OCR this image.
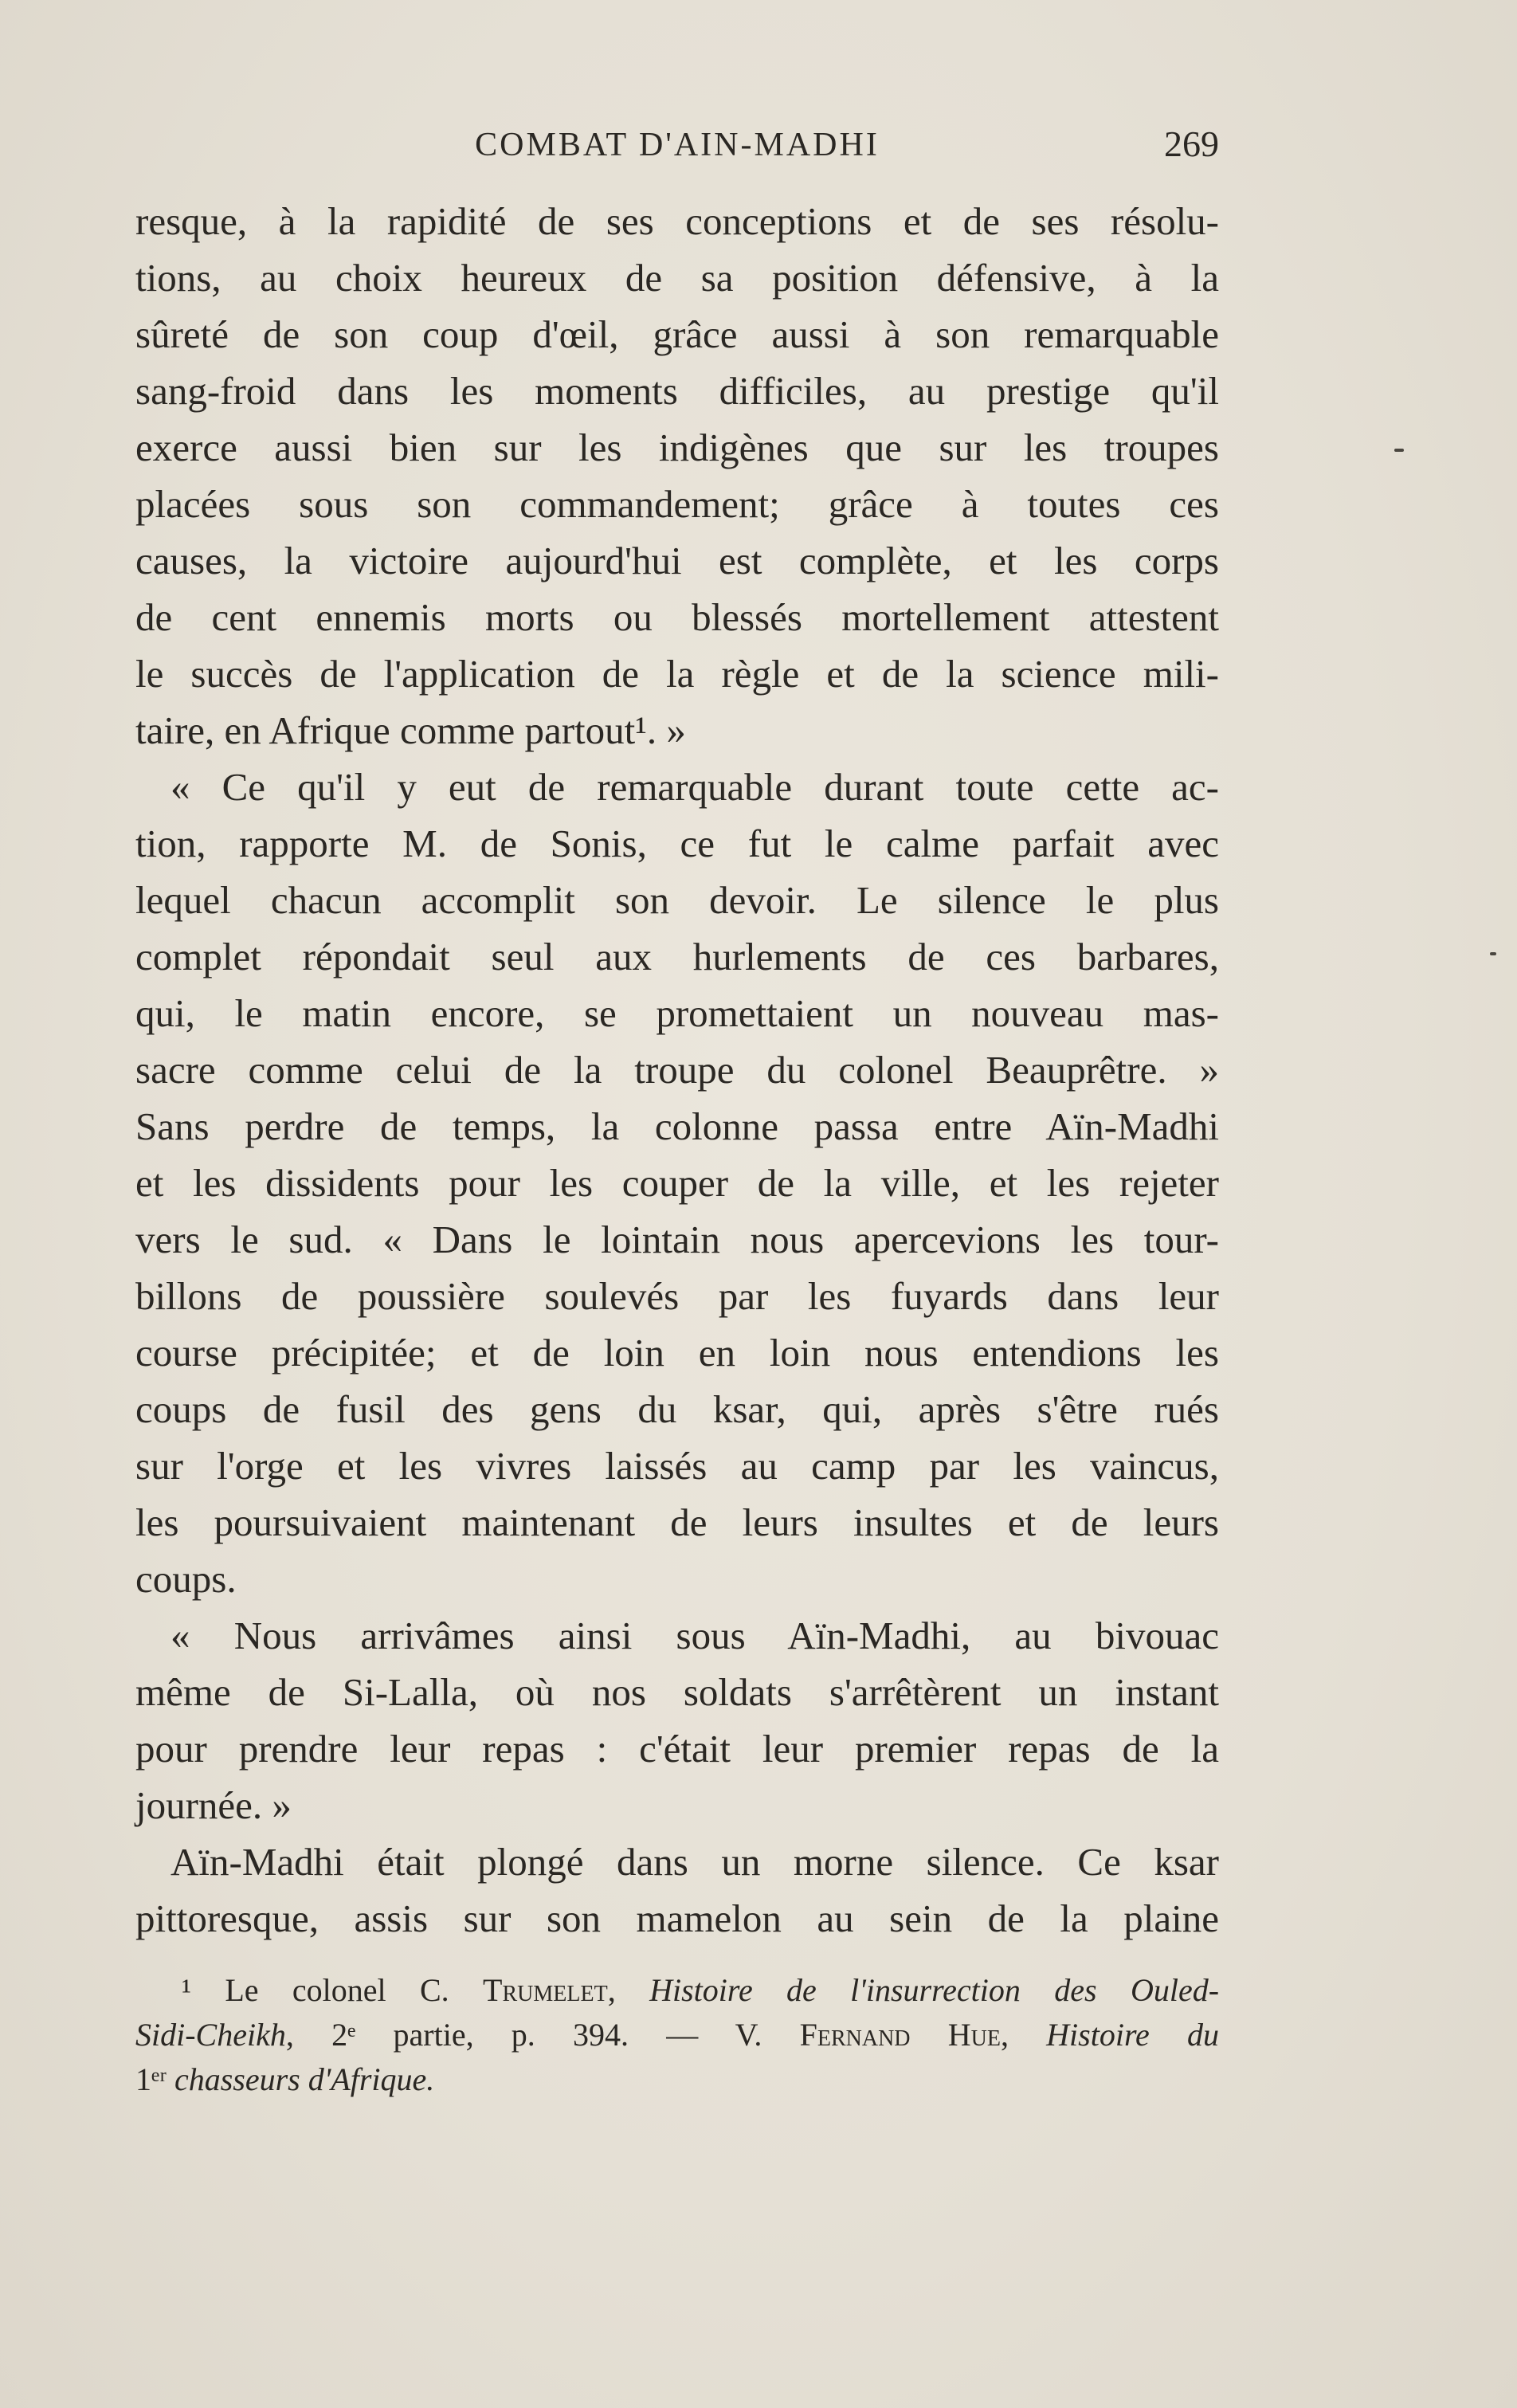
COMBAT D'AIN-MADHI	269
resque, à la rapidité de ses conceptions et de ses résolu-
tions, au choix heureux de sa position défensive, à la
sûreté de son coup d'œil, grâce aussi à son remarquable
sang-froid dans les moments difficiles, au prestige qu'il
exerce aussi bien sur les indigènes que sur les troupes
placées sous son commandement; grâce à toutes ces
causes, la victoire aujourd'hui est complète, et les corps
de cent ennemis morts ou blessés mortellement attestent
le succès de l'application de la règle et de la science mili-
taire, en Afrique comme partout¹. »
« Ce qu'il y eut de remarquable durant toute cette ac-
tion, rapporte M. de Sonis, ce fut le calme parfait avec
lequel chacun accomplit son devoir. Le silence le plus
complet répondait seul aux hurlements de ces barbares,
qui, le matin encore, se promettaient un nouveau mas-
sacre comme celui de la troupe du colonel Beauprêtre. »
Sans perdre de temps, la colonne passa entre Aïn-Madhi
et les dissidents pour les couper de la ville, et les rejeter
vers le sud. « Dans le lointain nous apercevions les tour-
billons de poussière soulevés par les fuyards dans leur
course précipitée; et de loin en loin nous entendions les
coups de fusil des gens du ksar, qui, après s'être rués
sur l'orge et les vivres laissés au camp par les vaincus,
les poursuivaient maintenant de leurs insultes et de leurs
coups.
« Nous arrivâmes ainsi sous Aïn-Madhi, au bivouac
même de Si-Lalla, où nos soldats s'arrêtèrent un instant
pour prendre leur repas : c'était leur premier repas de la
journée. »
Aïn-Madhi était plongé dans un morne silence. Ce ksar
pittoresque, assis sur son mamelon au sein de la plaine
¹ Le colonel C. Trumelet, Histoire de l'insurrection des Ouled-
Sidi-Cheikh, 2ᵉ partie, p. 394. — V. Fernand Hue, Histoire du
1ᵉʳ chasseurs d'Afrique.
